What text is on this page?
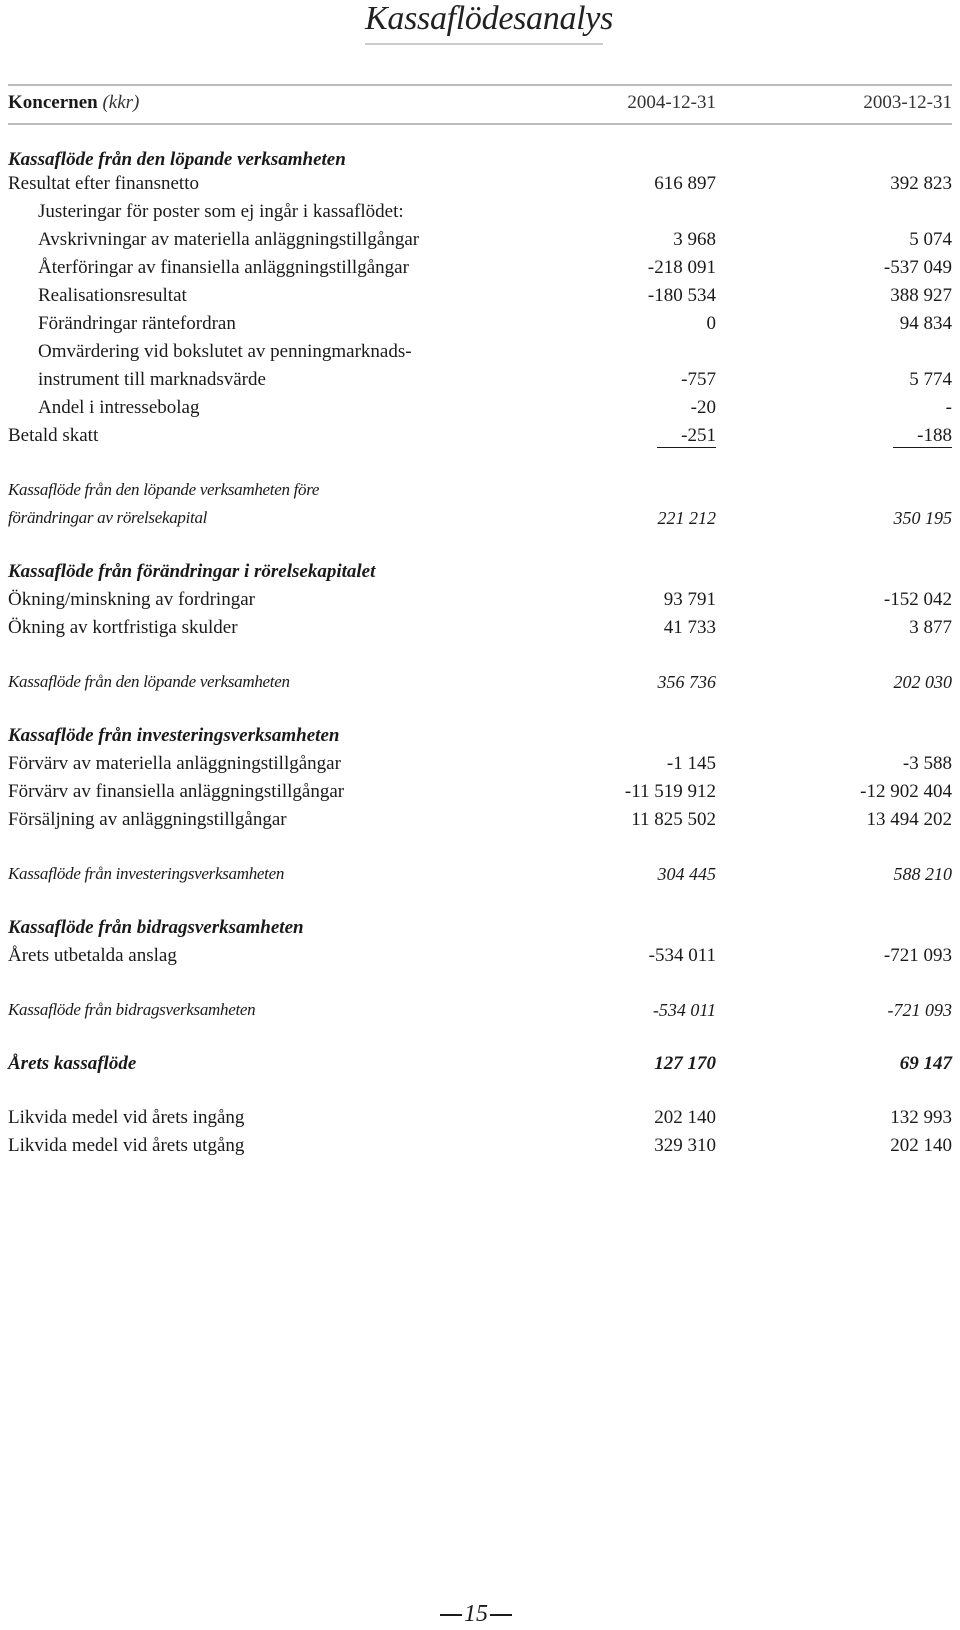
Kassaflödesanalys
Koncernen (kkr)	2004-12-31	2003-12-31
Kassaflöde från den löpande verksamheten
Resultat efter finansnetto	616 897	392 823
Justeringar för poster som ej ingår i kassaflödet:
Avskrivningar av materiella anläggningstillgångar	3 968	5 074
Återföringar av finansiella anläggningstillgångar	-218 091	-537 049
Realisationsresultat	-180 534	388 927
Förändringar räntefordran	0	94 834
Omvärdering vid bokslutet av penningmarknads-
instrument till marknadsvärde	-757	5 774
Andel i intressebolag	-20	-
Betald skatt	-251	-188
Kassaflöde från den löpande verksamheten före
förändringar av rörelsekapital	221 212	350 195
Kassaflöde från förändringar i rörelsekapitalet
Ökning/minskning av fordringar	93 791	-152 042
Ökning av kortfristiga skulder	41 733	3 877
Kassaflöde från den löpande verksamheten	356 736	202 030
Kassaflöde från investeringsverksamheten
Förvärv av materiella anläggningstillgångar	-1 145	-3 588
Förvärv av finansiella anläggningstillgångar	-11 519 912	-12 902 404
Försäljning av anläggningstillgångar	11 825 502	13 494 202
Kassaflöde från investeringsverksamheten	304 445	588 210
Kassaflöde från bidragsverksamheten
Årets utbetalda anslag	-534 011	-721 093
Kassaflöde från bidragsverksamheten	-534 011	-721 093
Årets kassaflöde	127 170	69 147
Likvida medel vid årets ingång	202 140	132 993
Likvida medel vid årets utgång	329 310	202 140
15
